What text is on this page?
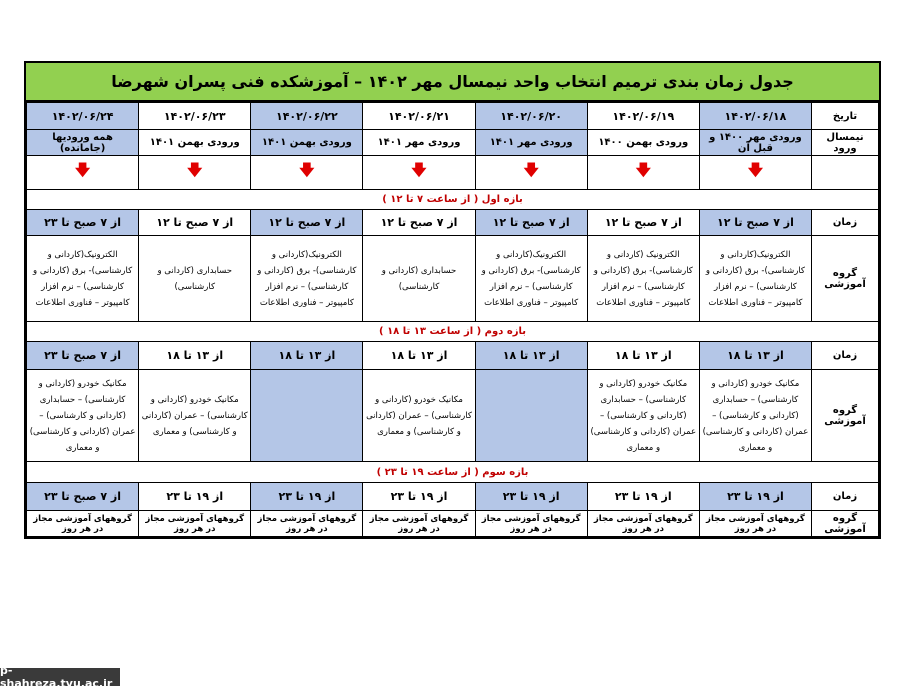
جدول زمان بندی ترمیم انتخاب واحد نیمسال مهر ۱۴۰۲ – آموزشکده فنی پسران شهرضا
تاریخ	۱۴۰۲/۰۶/۱۸	۱۴۰۲/۰۶/۱۹	۱۴۰۲/۰۶/۲۰	۱۴۰۲/۰۶/۲۱	۱۴۰۲/۰۶/۲۲	۱۴۰۲/۰۶/۲۳	۱۴۰۲/۰۶/۲۴
نیمسال ورود	ورودی مهر ۱۴۰۰ و قبل آن	ورودی بهمن ۱۴۰۰	ورودی مهر ۱۴۰۱	ورودی مهر ۱۴۰۱	ورودی بهمن ۱۴۰۱	ورودی بهمن ۱۴۰۱	همه ورودیها (جامانده)
	🡇	🡇	🡇	🡇	🡇	🡇	🡇
بازه اول ( از ساعت ۷ تا ۱۲ )							
زمان	از ۷ صبح تا ۱۲	از ۷ صبح تا ۱۲	از ۷ صبح تا ۱۲	از ۷ صبح تا ۱۲	از ۷ صبح تا ۱۲	از ۷ صبح تا ۱۲	از ۷ صبح تا ۲۳
گروه آموزشی	الکترونیک(کاردانی و کارشناسی)- برق (کاردانی و کارشناسی) – نرم افزار کامپیوتر – فناوری اطلاعات	الکترونیک (کاردانی و کارشناسی)- برق (کاردانی و کارشناسی) – نرم افزار کامپیوتر – فناوری اطلاعات	الکترونیک(کاردانی و کارشناسی)- برق (کاردانی و کارشناسی) – نرم افزار کامپیوتر – فناوری اطلاعات	حسابداری (کاردانی و کارشناسی)	الکترونیک(کاردانی و کارشناسی)- برق (کاردانی و کارشناسی) – نرم افزار کامپیوتر – فناوری اطلاعات	حسابداری (کاردانی و کارشناسی)	الکترونیک(کاردانی و کارشناسی)- برق (کاردانی و کارشناسی) – نرم افزار کامپیوتر – فناوری اطلاعات
بازه دوم ( از ساعت ۱۳ تا ۱۸ )							
زمان	از ۱۳ تا ۱۸	از ۱۳ تا ۱۸	از ۱۳ تا ۱۸	از ۱۳ تا ۱۸	از ۱۳ تا ۱۸	از ۱۳ تا ۱۸	از ۷ صبح تا ۲۳
گروه آموزشی	مکانیک خودرو (کاردانی و کارشناسی) – حسابداری (کاردانی و کارشناسی) – عمران (کاردانی و کارشناسی) و معماری	مکانیک خودرو (کاردانی و کارشناسی) – حسابداری (کاردانی و کارشناسی) – عمران (کاردانی و کارشناسی) و معماری		مکانیک خودرو (کاردانی و کارشناسی) – عمران (کاردانی و کارشناسی) و معماری		مکانیک خودرو (کاردانی و کارشناسی) – عمران (کاردانی و کارشناسی) و معماری	مکانیک خودرو (کاردانی و کارشناسی) – حسابداری (کاردانی و کارشناسی) – عمران (کاردانی و کارشناسی) و معماری
بازه سوم ( از ساعت ۱۹ تا ۲۳ )							
زمان	از ۱۹ تا ۲۳	از ۱۹ تا ۲۳	از ۱۹ تا ۲۳	از ۱۹ تا ۲۳	از ۱۹ تا ۲۳	از ۱۹ تا ۲۳	از ۷ صبح تا ۲۳
گروه آموزشی	گروههای آموزشی مجاز در هر روز	گروههای آموزشی مجاز در هر روز	گروههای آموزشی مجاز در هر روز	گروههای آموزشی مجاز در هر روز	گروههای آموزشی مجاز در هر روز	گروههای آموزشی مجاز در هر روز	گروههای آموزشی مجاز در هر روز
p-shahreza.tvu.ac.ir
